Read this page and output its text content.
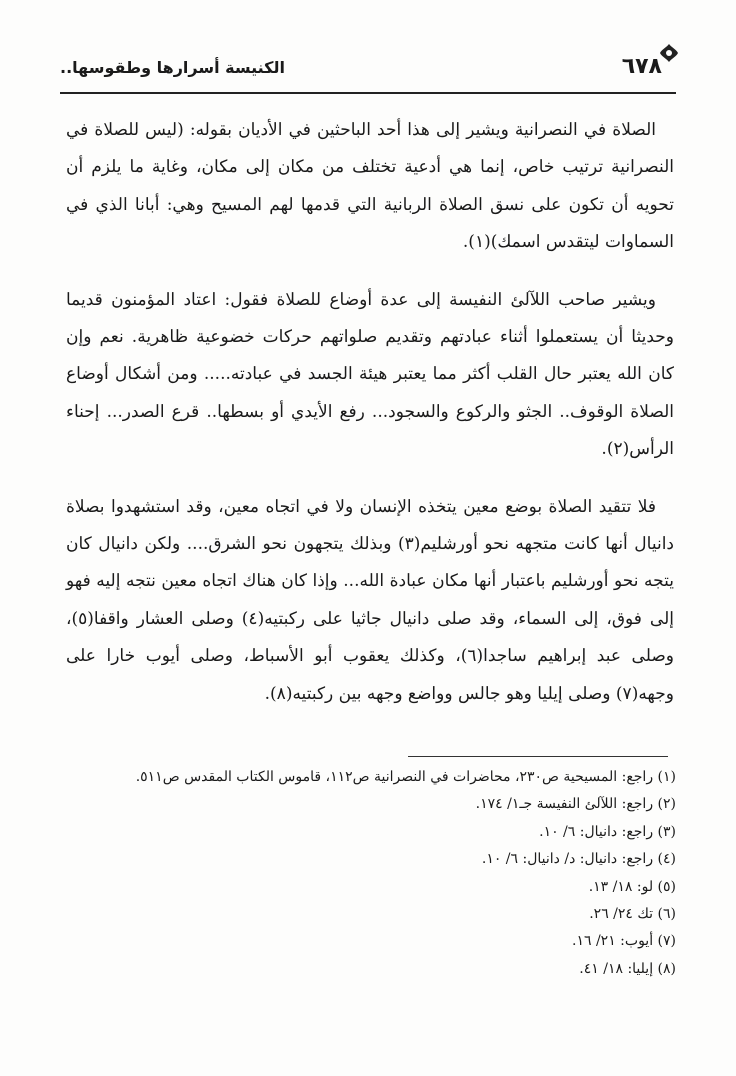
الكنيسة أسرارها وطقوسها..	٦٧٨

الصلاة في النصرانية ويشير إلى هذا أحد الباحثين في الأديان بقوله: (ليس للصلاة في النصرانية ترتيب خاص، إنما هي أدعية تختلف من مكان إلى مكان، وغاية ما يلزم أن تحويه أن تكون على نسق الصلاة الربانية التي قدمها لهم المسيح وهي: أبانا الذي في السماوات ليتقدس اسمك)(١).

ويشير صاحب اللآلئ النفيسة إلى عدة أوضاع للصلاة فقول: اعتاد المؤمنون قديما وحديثا أن يستعملوا أثناء عبادتهم وتقديم صلواتهم حركات خضوعية ظاهرية. نعم وإن كان الله يعتبر حال القلب أكثر مما يعتبر هيئة الجسد في عبادته..... ومن أشكال أوضاع الصلاة الوقوف.. الجثو والركوع والسجود... رفع الأيدي أو بسطها.. قرع الصدر... إحناء الرأس(٢).

فلا تتقيد الصلاة بوضع معين يتخذه الإنسان ولا في اتجاه معين، وقد استشهدوا بصلاة دانيال أنها كانت متجهه نحو أورشليم(٣) وبذلك يتجهون نحو الشرق.... ولكن دانيال كان يتجه نحو أورشليم باعتبار أنها مكان عبادة الله... وإذا كان هناك اتجاه معين نتجه إليه فهو إلى فوق، إلى السماء، وقد صلى دانيال جاثيا على ركبتيه(٤) وصلى العشار واقفا(٥)، وصلى عبد إبراهيم ساجدا(٦)، وكذلك يعقوب أبو الأسباط، وصلى أيوب خارا على وجهه(٧) وصلى إيليا وهو جالس وواضع وجهه بين ركبتيه(٨).

(١) راجع: المسيحية ص٢٣٠، محاضرات في النصرانية ص١١٢، قاموس الكتاب المقدس ص٥١١.
(٢) راجع: اللآلئ النفيسة جـ١/ ١٧٤.
(٣) راجع: دانيال: ٦/ ١٠.
(٤) راجع: دانيال: د/ دانيال: ٦/ ١٠.
(٥) لو: ١٨/ ١٣.
(٦) تك ٢٤/ ٢٦.
(٧) أيوب: ٢١/ ١٦.
(٨) إيليا: ١٨/ ٤١.
